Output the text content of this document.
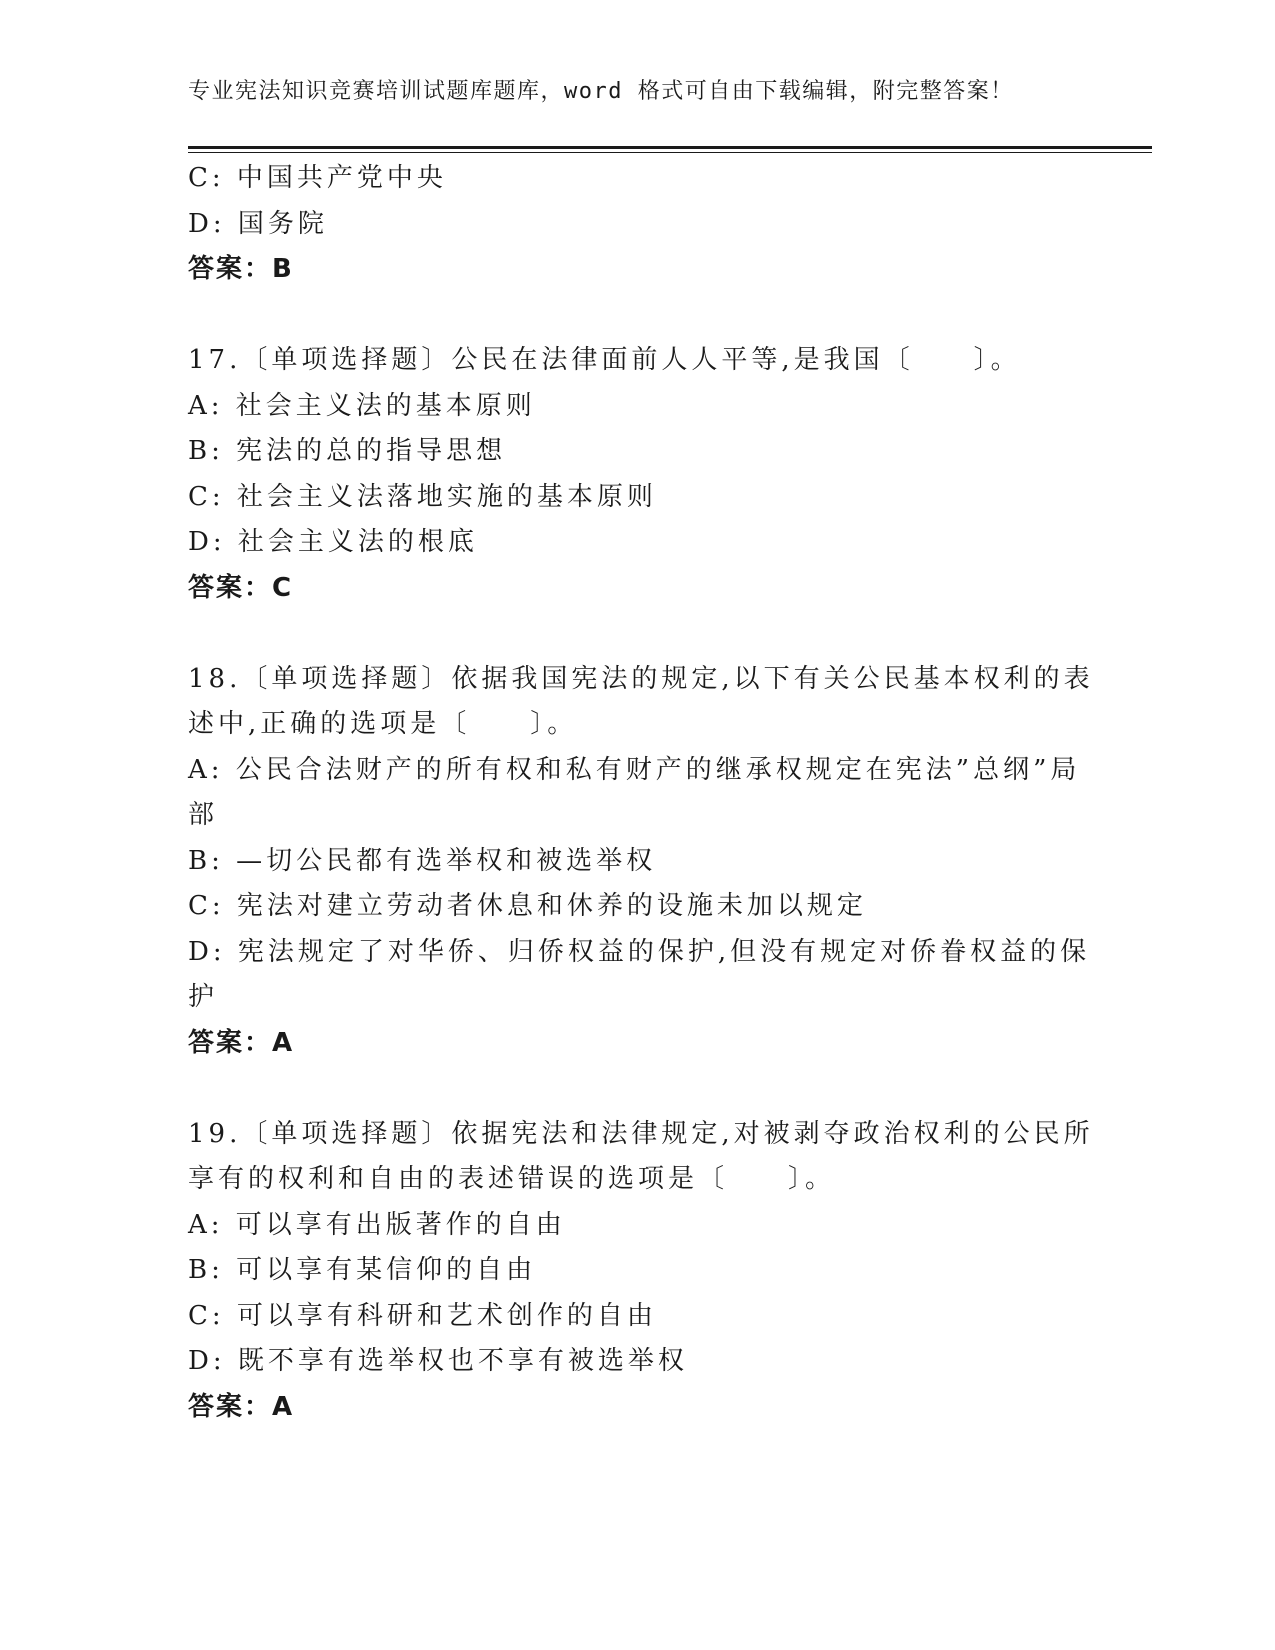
专业宪法知识竞赛培训试题库题库，word 格式可自由下载编辑，附完整答案！
C: 中国共产党中央
D: 国务院
答案：B
17.〔单项选择题〕公民在法律面前人人平等,是我国〔　　〕。
A: 社会主义法的基本原则
B: 宪法的总的指导思想
C: 社会主义法落地实施的基本原则
D: 社会主义法的根底
答案：C
18.〔单项选择题〕依据我国宪法的规定,以下有关公民基本权利的表
述中,正确的选项是〔　　〕。
A: 公民合法财产的所有权和私有财产的继承权规定在宪法”总纲”局
部
B: —切公民都有选举权和被选举权
C: 宪法对建立劳动者休息和休养的设施未加以规定
D: 宪法规定了对华侨、归侨权益的保护,但没有规定对侨眷权益的保
护
答案：A
19.〔单项选择题〕依据宪法和法律规定,对被剥夺政治权利的公民所
享有的权利和自由的表述错误的选项是〔　　〕。
A: 可以享有出版著作的自由
B: 可以享有某信仰的自由
C: 可以享有科研和艺术创作的自由
D: 既不享有选举权也不享有被选举权
答案：A
